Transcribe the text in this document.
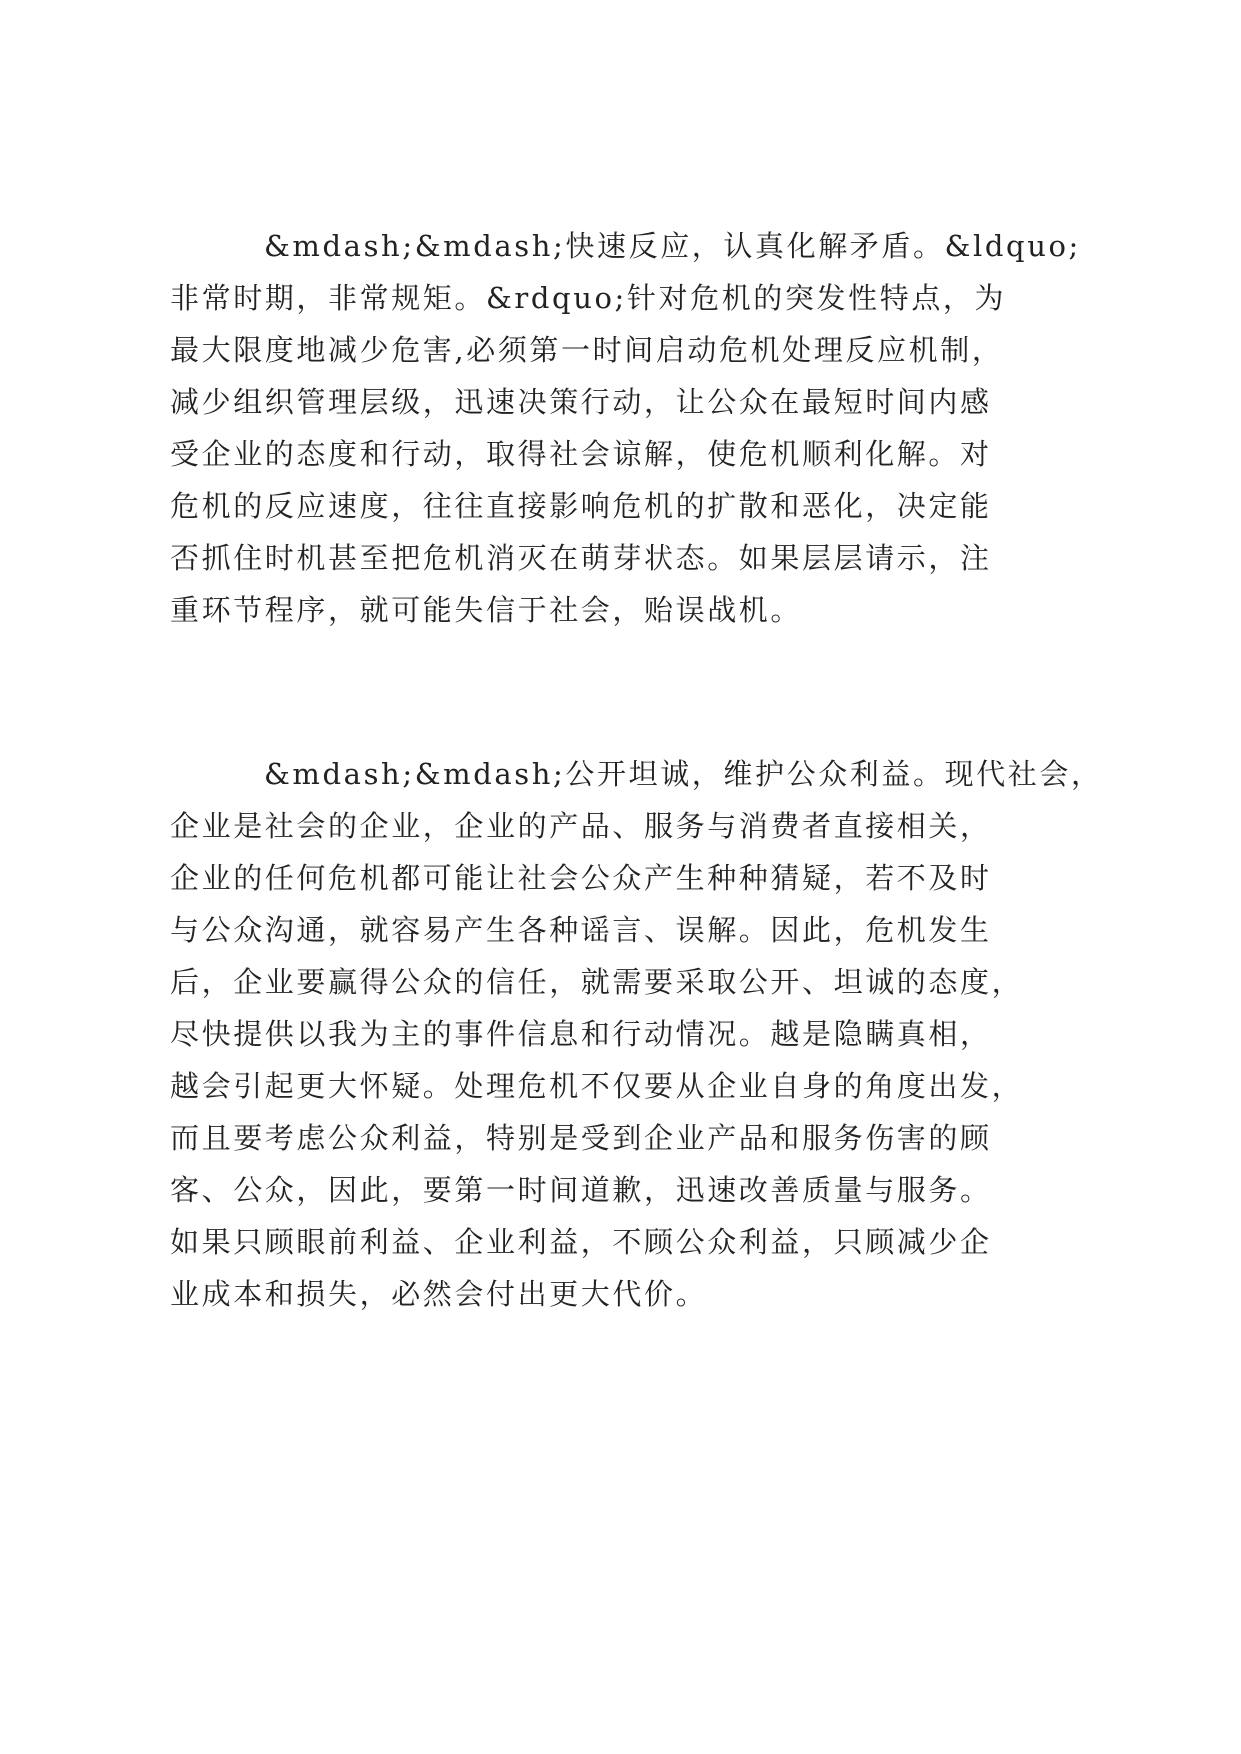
&mdash;&mdash;快速反应，认真化解矛盾。&ldquo;

非常时期，非常规矩。&rdquo;针对危机的突发性特点，为

最大限度地减少危害,必须第一时间启动危机处理反应机制，

减少组织管理层级，迅速决策行动，让公众在最短时间内感

受企业的态度和行动，取得社会谅解，使危机顺利化解。对

危机的反应速度，往往直接影响危机的扩散和恶化，决定能

否抓住时机甚至把危机消灭在萌芽状态。如果层层请示，注

重环节程序，就可能失信于社会，贻误战机。

&mdash;&mdash;公开坦诚，维护公众利益。现代社会，

企业是社会的企业，企业的产品、服务与消费者直接相关，

企业的任何危机都可能让社会公众产生种种猜疑，若不及时

与公众沟通，就容易产生各种谣言、误解。因此，危机发生

后，企业要赢得公众的信任，就需要采取公开、坦诚的态度，

尽快提供以我为主的事件信息和行动情况。越是隐瞒真相，

越会引起更大怀疑。处理危机不仅要从企业自身的角度出发，

而且要考虑公众利益，特别是受到企业产品和服务伤害的顾

客、公众，因此，要第一时间道歉，迅速改善质量与服务。

如果只顾眼前利益、企业利益，不顾公众利益，只顾减少企

业成本和损失，必然会付出更大代价。
